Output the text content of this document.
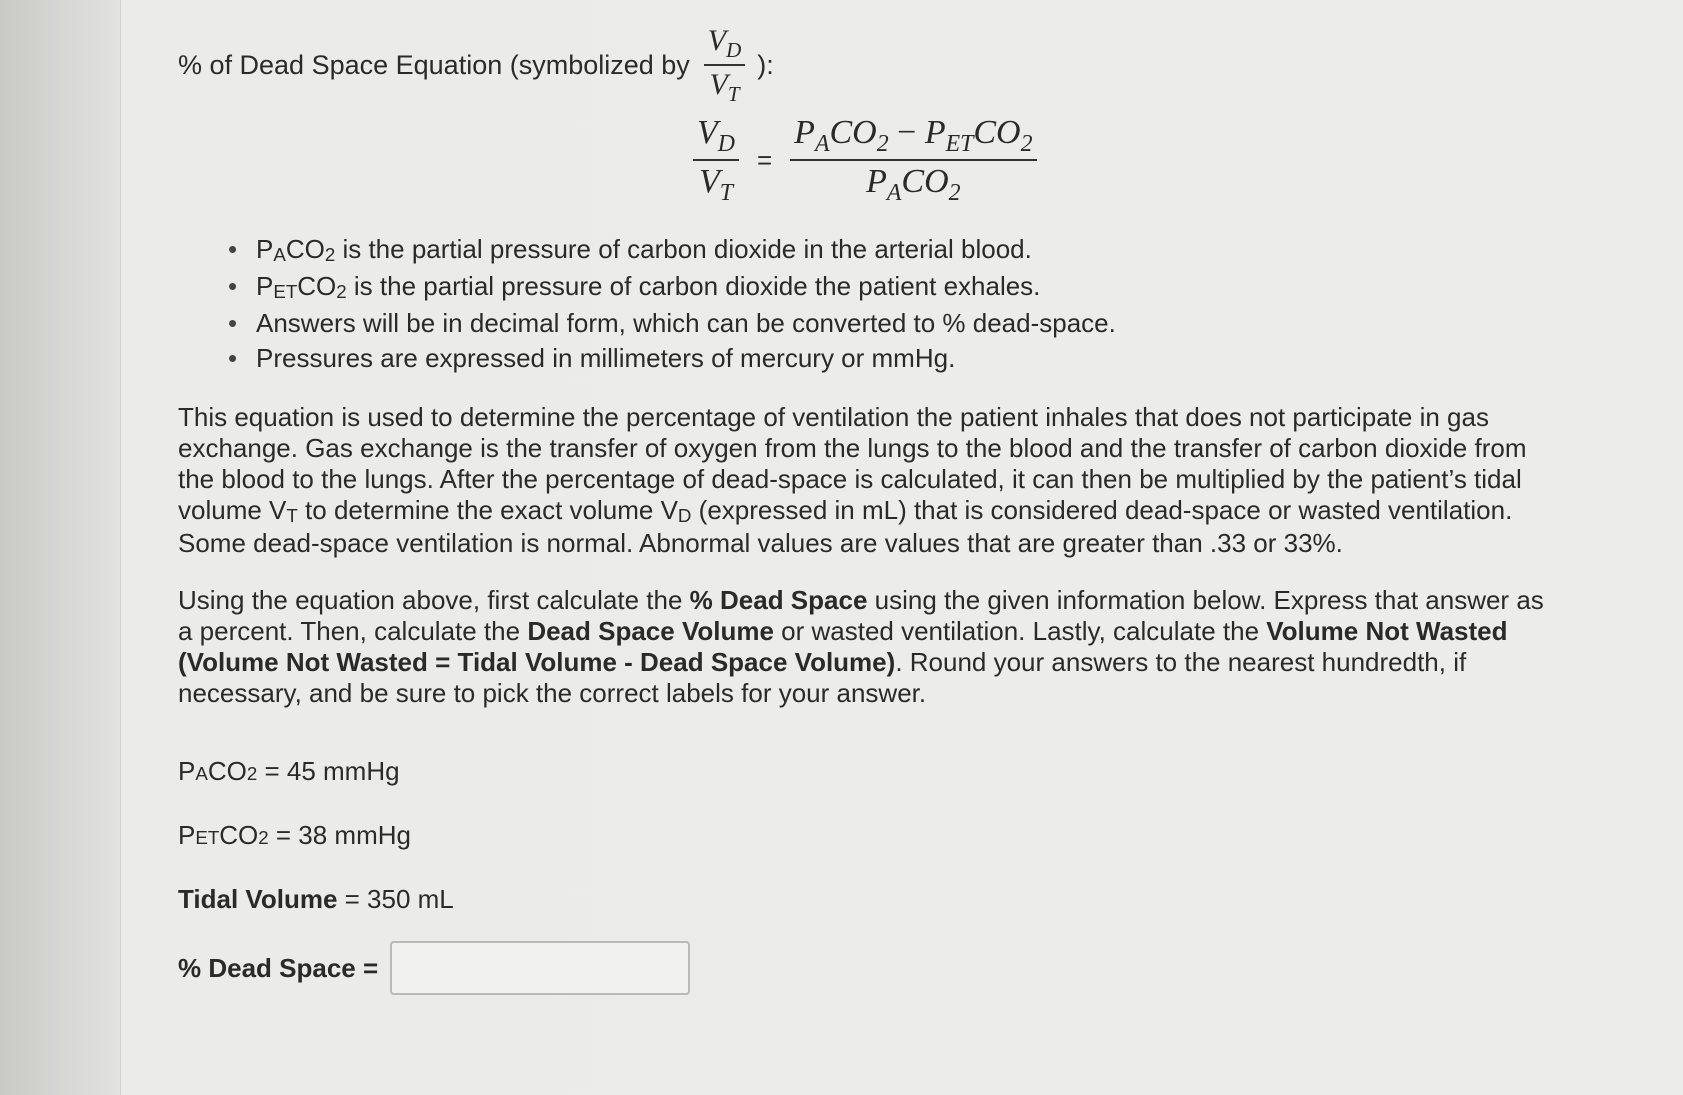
% of Dead Space Equation (symbolized by $\frac{V_D}{V_T}$ ):
$\frac{V_D}{V_T} = \frac{P_ACO_2 - P_{ET}CO_2}{P_ACO_2}$
• $P_ACO_2$ is the partial pressure of carbon dioxide in the arterial blood.
• $P_{ET}CO_2$ is the partial pressure of carbon dioxide the patient exhales.
• Answers will be in decimal form, which can be converted to % dead-space.
• Pressures are expressed in millimeters of mercury or mmHg.

This equation is used to determine the percentage of ventilation the patient inhales that does not participate in gas exchange. Gas exchange is the transfer of oxygen from the lungs to the blood and the transfer of carbon dioxide from the blood to the lungs. After the percentage of dead-space is calculated, it can then be multiplied by the patient’s tidal volume $V_T$ to determine the exact volume $V_D$ (expressed in mL) that is considered dead-space or wasted ventilation. Some dead-space ventilation is normal. Abnormal values are values that are greater than .33 or 33%.

Using the equation above, first calculate the % Dead Space using the given information below. Express that answer as a percent. Then, calculate the Dead Space Volume or wasted ventilation. Lastly, calculate the Volume Not Wasted (Volume Not Wasted = Tidal Volume - Dead Space Volume). Round your answers to the nearest hundredth, if necessary, and be sure to pick the correct labels for your answer.

$P_A$ $CO_2 = 45$ mmHg
$P_{ET}$ $CO_2 = 38$ mmHg
Tidal Volume = 350 mL
% Dead Space =
